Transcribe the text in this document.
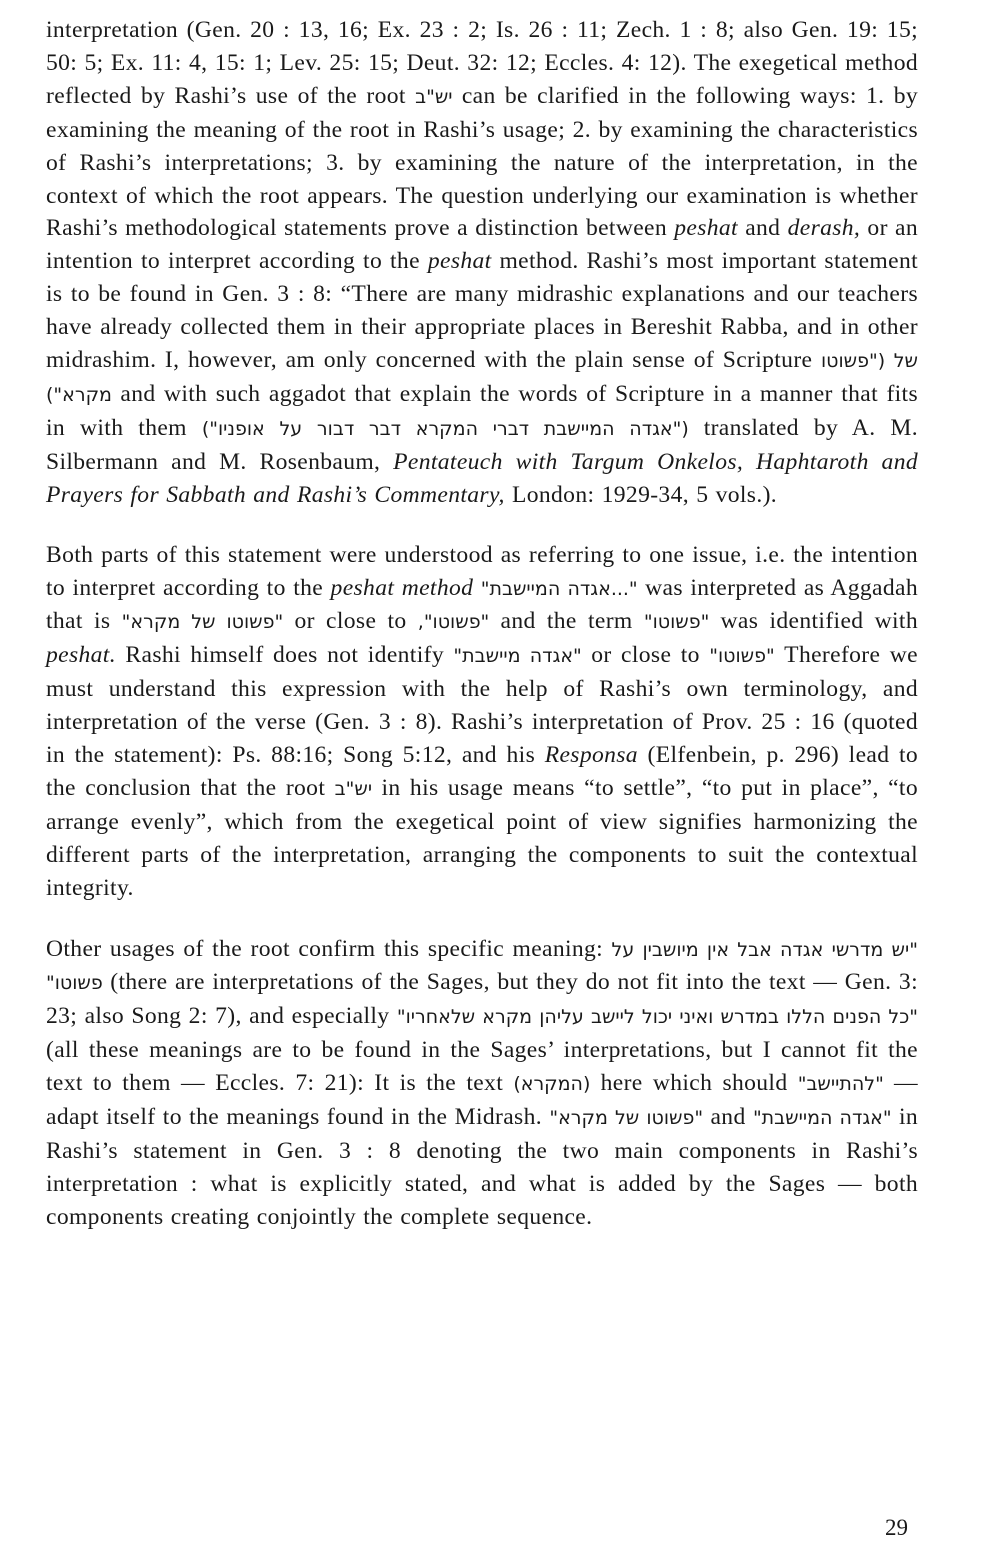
interpretation (Gen. 20 : 13, 16; Ex. 23 : 2; Is. 26 : 11; Zech. 1 : 8; also Gen. 19: 15; 50: 5; Ex. 11: 4, 15: 1; Lev. 25: 15; Deut. 32: 12; Eccles. 4: 12). The exegetical method reflected by Rashi’s use of the root יש"ב can be clarified in the following ways: 1. by examining the meaning of the root in Rashi’s usage; 2. by examining the characteristics of Rashi’s interpretations; 3. by examining the nature of the interpretation, in the context of which the root appears. The question underlying our examination is whether Rashi’s methodological statements prove a distinction between peshat and derash, or an intention to interpret according to the peshat method. Rashi’s most important statement is to be found in Gen. 3 : 8: “There are many midrashic explanations and our teachers have already collected them in their appropriate places in Bereshit Rabba, and in other midrashim. I, however, am only concerned with the plain sense of Scripture ("פשוטו של מקרא") and with such aggadot that explain the words of Scripture in a manner that fits in with them ("אגדה המיישבת דברי המקרא דבר דבור על אופניו") translated by A. M. Silbermann and M. Rosenbaum, Pentateuch with Targum Onkelos, Haphtaroth and Prayers for Sabbath and Rashi’s Commentary, London: 1929-34, 5 vols.).

Both parts of this statement were understood as referring to one issue, i.e. the intention to interpret according to the peshat method "...אגדה המיישבת" was interpreted as Aggadah that is "פשוטו של מקרא" or close to "פשוטו", and the term "פשוטו" was identified with peshat. Rashi himself does not identify "אגדה מיישבת" or close to "פשוטו" Therefore we must understand this expression with the help of Rashi’s own terminology, and interpretation of the verse (Gen. 3 : 8). Rashi’s interpretation of Prov. 25 : 16 (quoted in the statement): Ps. 88:16; Song 5:12, and his Responsa (Elfenbein, p. 296) lead to the conclusion that the root יש"ב in his usage means “to settle”, “to put in place”, “to arrange evenly”, which from the exegetical point of view signifies harmonizing the different parts of the interpretation, arranging the components to suit the contextual integrity.

Other usages of the root confirm this specific meaning: "יש מדרשי אגדה אבל אין מיושבין על פשוטו" (there are interpretations of the Sages, but they do not fit into the text — Gen. 3: 23; also Song 2: 7), and especially "כל הפנים הללו במדרש ואיני יכול ליישב עליהן מקרא שלאחריו" (all these meanings are to be found in the Sages’ interpretations, but I cannot fit the text to them — Eccles. 7: 21): It is the text (המקרא) here which should "להתיישב" — adapt itself to the meanings found in the Midrash. "פשוטו של מקרא" and "אגדה המיישבת" in Rashi’s statement in Gen. 3 : 8 denoting the two main components in Rashi’s interpretation : what is explicitly stated, and what is added by the Sages — both components creating conjointly the complete sequence.

29
